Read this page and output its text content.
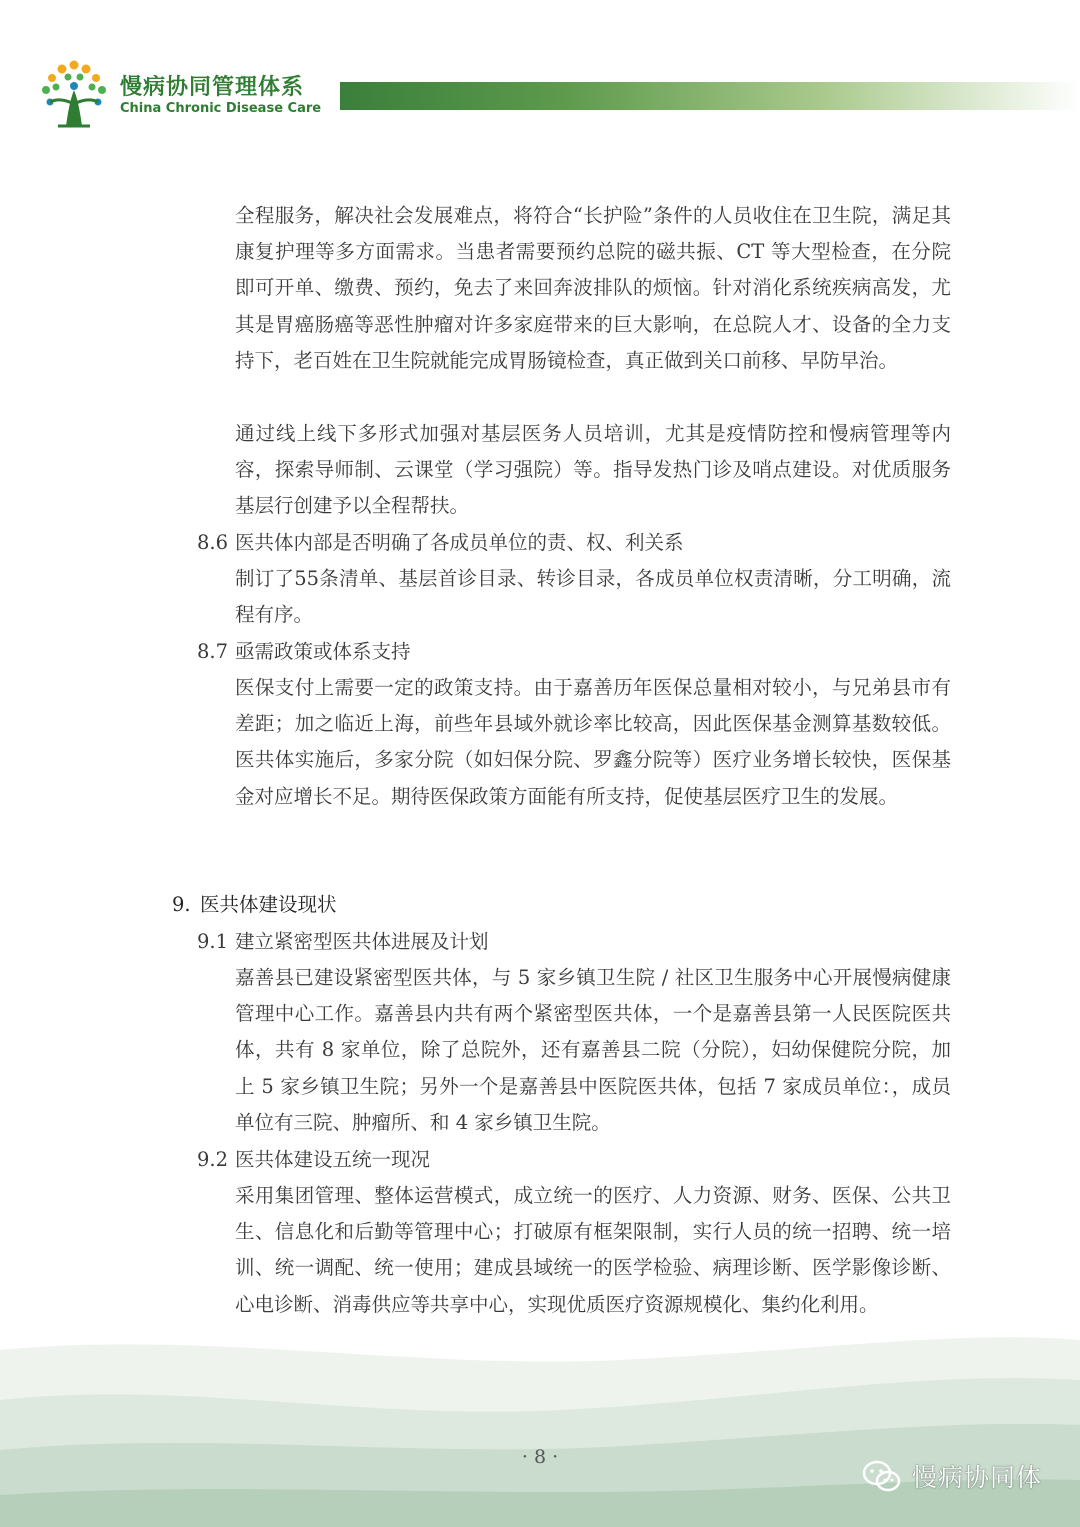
慢病协同管理体系
China Chronic Disease Care
全程服务，解决社会发展难点，将符合“长护险”条件的人员收住在卫生院，满足其康复护理等多方面需求。当患者需要预约总院的磁共振、CT 等大型检查，在分院即可开单、缴费、预约，免去了来回奔波排队的烦恼。针对消化系统疾病高发，尤其是胃癌肠癌等恶性肿瘤对许多家庭带来的巨大影响，在总院人才、设备的全力支持下，老百姓在卫生院就能完成胃肠镜检查，真正做到关口前移、早防早治。
通过线上线下多形式加强对基层医务人员培训，尤其是疫情防控和慢病管理等内容，探索导师制、云课堂（学习强院）等。指导发热门诊及哨点建设。对优质服务基层行创建予以全程帮扶。
8.6 医共体内部是否明确了各成员单位的责、权、利关系
制订了55条清单、基层首诊目录、转诊目录，各成员单位权责清晰，分工明确，流程有序。
8.7 亟需政策或体系支持
医保支付上需要一定的政策支持。由于嘉善历年医保总量相对较小，与兄弟县市有差距；加之临近上海，前些年县域外就诊率比较高，因此医保基金测算基数较低。医共体实施后，多家分院（如妇保分院、罗鑫分院等）医疗业务增长较快，医保基金对应增长不足。期待医保政策方面能有所支持，促使基层医疗卫生的发展。
9. 医共体建设现状
9.1 建立紧密型医共体进展及计划
嘉善县已建设紧密型医共体，与 5 家乡镇卫生院 / 社区卫生服务中心开展慢病健康管理中心工作。嘉善县内共有两个紧密型医共体，一个是嘉善县第一人民医院医共体，共有 8 家单位，除了总院外，还有嘉善县二院（分院），妇幼保健院分院，加上 5 家乡镇卫生院；另外一个是嘉善县中医院医共体，包括 7 家成员单位：，成员单位有三院、肿瘤所、和 4 家乡镇卫生院。
9.2 医共体建设五统一现况
采用集团管理、整体运营模式，成立统一的医疗、人力资源、财务、医保、公共卫生、信息化和后勤等管理中心；打破原有框架限制，实行人员的统一招聘、统一培训、统一调配、统一使用；建成县域统一的医学检验、病理诊断、医学影像诊断、心电诊断、消毒供应等共享中心，实现优质医疗资源规模化、集约化利用。
· 8 ·
慢病协同体
